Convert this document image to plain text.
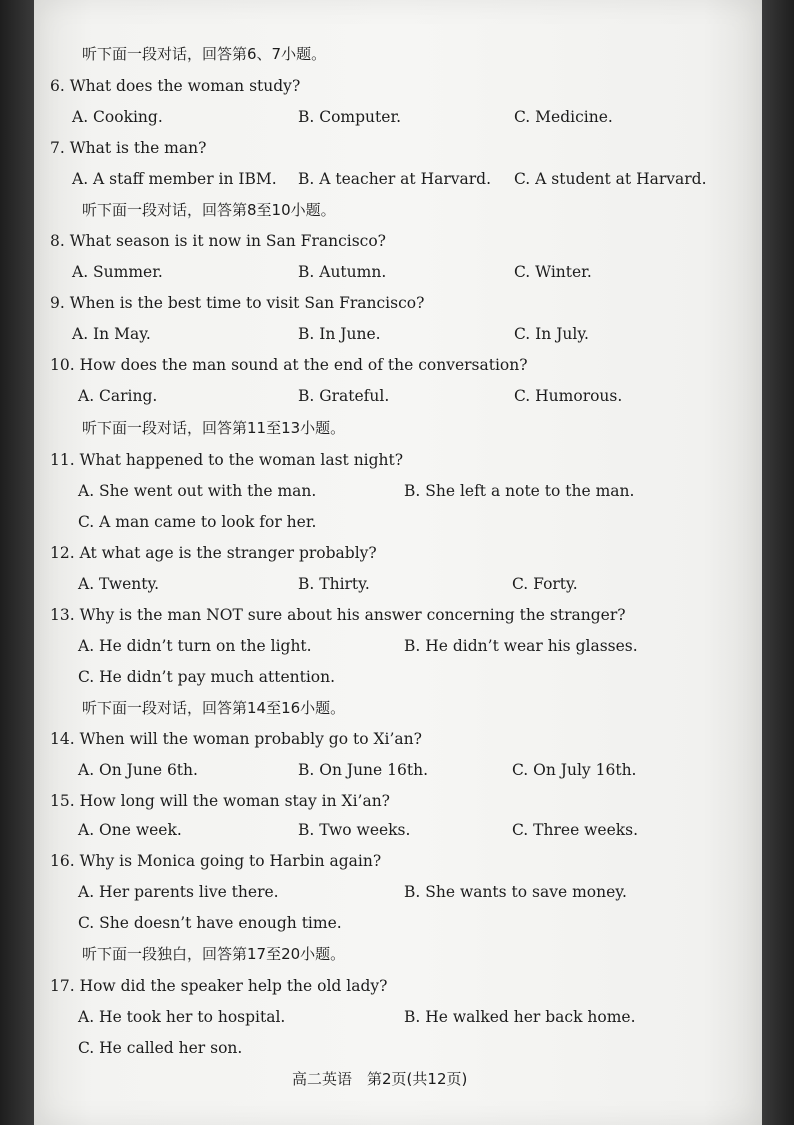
听下面一段对话，回答第6、7小题。
6. What does the woman study?
A. Cooking.	B. Computer.	C. Medicine.
7. What is the man?
A. A staff member in IBM. B. A teacher at Harvard. C. A student at Harvard.
听下面一段对话，回答第8至10小题。
8. What season is it now in San Francisco?
A. Summer.	B. Autumn.	C. Winter.
9. When is the best time to visit San Francisco?
A. In May.	B. In June.	C. In July.
10. How does the man sound at the end of the conversation?
A. Caring.	B. Grateful.	C. Humorous.
听下面一段对话，回答第11至13小题。
11. What happened to the woman last night?
A. She went out with the man.	B. She left a note to the man.
C. A man came to look for her.
12. At what age is the stranger probably?
A. Twenty.	B. Thirty.	C. Forty.
13. Why is the man NOT sure about his answer concerning the stranger?
A. He didn’t turn on the light.	B. He didn’t wear his glasses.
C. He didn’t pay much attention.
听下面一段对话，回答第14至16小题。
14. When will the woman probably go to Xi’an?
A. On June 6th.	B. On June 16th.	C. On July 16th.
15. How long will the woman stay in Xi’an?
A. One week.	B. Two weeks.	C. Three weeks.
16. Why is Monica going to Harbin again?
A. Her parents live there.	B. She wants to save money.
C. She doesn’t have enough time.
听下面一段独白，回答第17至20小题。
17. How did the speaker help the old lady?
A. He took her to hospital.	B. He walked her back home.
C. He called her son.
高二英语　第2页(共12页)
